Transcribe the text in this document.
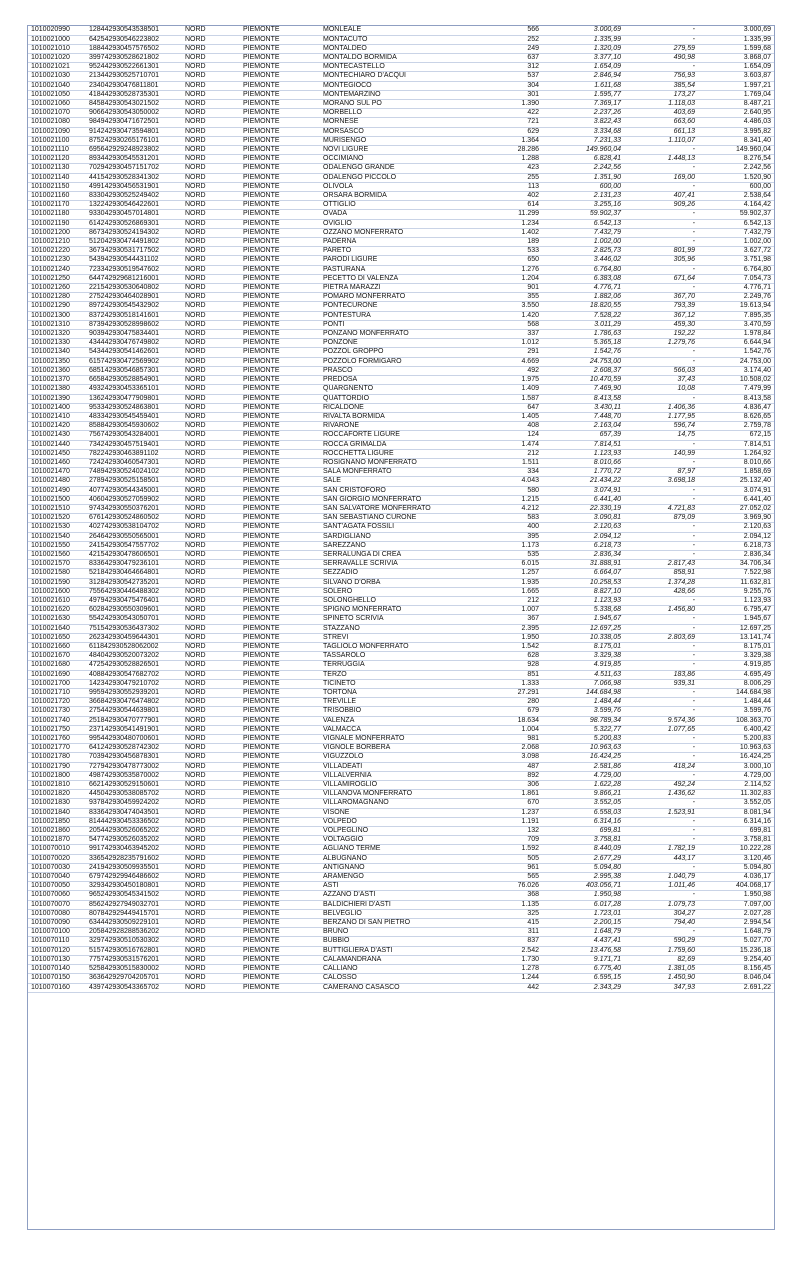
1010020990	128442930543538501	NORD	PIEMONTE	MONLEALE	566	3.000,69	-	3.000,69
1010021000	642542930546223802	NORD	PIEMONTE	MONTACUTO	252	1.335,99	-	1.335,99
1010021010	188442930457576502	NORD	PIEMONTE	MONTALDEO	249	1.320,09	279,59	1.599,68
1010021020	399742930528621802	NORD	PIEMONTE	MONTALDO BORMIDA	637	3.377,10	490,98	3.868,07
1010021021	952442930522661301	NORD	PIEMONTE	MONTECASTELLO	312	1.654,09	-	1.654,09
1010021030	213442930525710701	NORD	PIEMONTE	MONTECHIARO D'ACQUI	537	2.846,94	756,93	3.603,87
1010021040	234042930476811801	NORD	PIEMONTE	MONTEGIOCO	304	1.611,68	385,54	1.997,21
1010021050	418442930528735301	NORD	PIEMONTE	MONTEMARZINO	301	1.595,77	173,27	1.769,04
1010021060	845842930543021502	NORD	PIEMONTE	MORANO SUL PO	1.390	7.369,17	1.118,03	8.487,21
1010021070	906642930543050002	NORD	PIEMONTE	MORBELLO	422	2.237,26	403,69	2.640,95
1010021080	984942930471672501	NORD	PIEMONTE	MORNESE	721	3.822,43	663,60	4.486,03
1010021090	914242930473594801	NORD	PIEMONTE	MORSASCO	629	3.334,68	661,13	3.995,82
1010021100	875242930265176101	NORD	PIEMONTE	MURISENGO	1.364	7.231,33	1.110,07	8.341,40
1010021110	695642929248923802	NORD	PIEMONTE	NOVI LIGURE	28.286	149.960,04	-	149.960,04
1010021120	893442930545531201	NORD	PIEMONTE	OCCIMIANO	1.288	6.828,41	1.448,13	8.276,54
1010021130	702942930457151702	NORD	PIEMONTE	ODALENGO GRANDE	423	2.242,56	-	2.242,56
1010021140	441542930528341302	NORD	PIEMONTE	ODALENGO PICCOLO	255	1.351,90	169,00	1.520,90
1010021150	499142930456531901	NORD	PIEMONTE	OLIVOLA	113	600,00	-	600,00
1010021160	833042930525249402	NORD	PIEMONTE	ORSARA BORMIDA	402	2.131,23	407,41	2.538,64
1010021170	132242930546422601	NORD	PIEMONTE	OTTIGLIO	614	3.255,16	909,26	4.164,42
1010021180	933042930457014801	NORD	PIEMONTE	OVADA	11.299	59.902,37	-	59.902,37
1010021190	614242930526869301	NORD	PIEMONTE	OVIGLIO	1.234	6.542,13	-	6.542,13
1010021200	867342930524194302	NORD	PIEMONTE	OZZANO MONFERRATO	1.402	7.432,79	-	7.432,79
1010021210	512042930474491802	NORD	PIEMONTE	PADERNA	189	1.002,00	-	1.002,00
1010021220	367342930531717502	NORD	PIEMONTE	PARETO	533	2.825,73	801,99	3.627,72
1010021230	543942930544431102	NORD	PIEMONTE	PARODI LIGURE	650	3.446,02	305,96	3.751,98
1010021240	723342930519547602	NORD	PIEMONTE	PASTURANA	1.276	6.764,80	-	6.764,80
1010021250	644742929681216001	NORD	PIEMONTE	PECETTO DI VALENZA	1.204	6.383,08	671,64	7.054,73
1010021260	221542930530640802	NORD	PIEMONTE	PIETRA MARAZZI	901	4.776,71	-	4.776,71
1010021280	275242930464028901	NORD	PIEMONTE	POMARO MONFERRATO	355	1.882,06	367,70	2.249,76
1010021290	897242930545432902	NORD	PIEMONTE	PONTECURONE	3.550	18.820,55	793,39	19.613,94
1010021300	837242930518141601	NORD	PIEMONTE	PONTESTURA	1.420	7.528,22	367,12	7.895,35
1010021310	873942930528998602	NORD	PIEMONTE	PONTI	568	3.011,29	459,30	3.470,59
1010021320	903942930475834401	NORD	PIEMONTE	PONZANO MONFERRATO	337	1.786,63	192,22	1.978,84
1010021330	434442930476749802	NORD	PIEMONTE	PONZONE	1.012	5.365,18	1.279,76	6.644,94
1010021340	543442930541462601	NORD	PIEMONTE	POZZOL GROPPO	291	1.542,76	-	1.542,76
1010021350	615742930472569902	NORD	PIEMONTE	POZZOLO FORMIGARO	4.669	24.753,00	-	24.753,00
1010021360	685142930546857301	NORD	PIEMONTE	PRASCO	492	2.608,37	566,03	3.174,40
1010021370	665842930528854901	NORD	PIEMONTE	PREDOSA	1.975	10.470,59	37,43	10.508,02
1010021380	493242930453365101	NORD	PIEMONTE	QUARGNENTO	1.409	7.469,90	10,08	7.479,99
1010021390	136242930477909801	NORD	PIEMONTE	QUATTORDIO	1.587	8.413,58	-	8.413,58
1010021400	953342930524863801	NORD	PIEMONTE	RICALDONE	647	3.430,11	1.406,36	4.836,47
1010021410	483342930545459401	NORD	PIEMONTE	RIVALTA BORMIDA	1.405	7.448,70	1.177,95	8.626,65
1010021420	858842930545930602	NORD	PIEMONTE	RIVARONE	408	2.163,04	596,74	2.759,78
1010021430	756742930543284001	NORD	PIEMONTE	ROCCAFORTE LIGURE	124	657,39	14,75	672,15
1010021440	734242930457519401	NORD	PIEMONTE	ROCCA GRIMALDA	1.474	7.814,51	-	7.814,51
1010021450	782242930463891102	NORD	PIEMONTE	ROCCHETTA LIGURE	212	1.123,93	140,99	1.264,92
1010021460	724242930460547301	NORD	PIEMONTE	ROSIGNANO MONFERRATO	1.511	8.010,66	-	8.010,66
1010021470	748942930524024102	NORD	PIEMONTE	SALA MONFERRATO	334	1.770,72	87,97	1.858,69
1010021480	278942930525158501	NORD	PIEMONTE	SALE	4.043	21.434,22	3.698,18	25.132,40
1010021490	407742930544345001	NORD	PIEMONTE	SAN CRISTOFORO	580	3.074,91	-	3.074,91
1010021500	406042930527059902	NORD	PIEMONTE	SAN GIORGIO MONFERRATO	1.215	6.441,40	-	6.441,40
1010021510	974342930550376201	NORD	PIEMONTE	SAN SALVATORE MONFERRATO	4.212	22.330,19	4.721,83	27.052,02
1010021520	676142930524860502	NORD	PIEMONTE	SAN SEBASTIANO CURONE	583	3.090,81	879,09	3.969,90
1010021530	402742930538104702	NORD	PIEMONTE	SANT'AGATA FOSSILI	400	2.120,63	-	2.120,63
1010021540	264642930550565001	NORD	PIEMONTE	SARDIGLIANO	395	2.094,12	-	2.094,12
1010021550	241542930547557702	NORD	PIEMONTE	SAREZZANO	1.173	6.218,73	-	6.218,73
1010021560	421542930478606501	NORD	PIEMONTE	SERRALUNGA DI CREA	535	2.836,34	-	2.836,34
1010021570	833642930479236101	NORD	PIEMONTE	SERRAVALLE SCRIVIA	6.015	31.888,91	2.817,43	34.706,34
1010021580	521842930464664801	NORD	PIEMONTE	SEZZADIO	1.257	6.664,07	858,91	7.522,98
1010021590	312842930542735201	NORD	PIEMONTE	SILVANO D'ORBA	1.935	10.258,53	1.374,28	11.632,81
1010021600	755642930446488302	NORD	PIEMONTE	SOLERO	1.665	8.827,10	428,66	9.255,76
1010021610	497942930475476401	NORD	PIEMONTE	SOLONGHELLO	212	1.123,93	-	1.123,93
1010021620	602842930550309601	NORD	PIEMONTE	SPIGNO MONFERRATO	1.007	5.338,68	1.456,80	6.795,47
1010021630	554242930543050701	NORD	PIEMONTE	SPINETO SCRIVIA	367	1.945,67	-	1.945,67
1010021640	751542930536437302	NORD	PIEMONTE	STAZZANO	2.395	12.697,25	-	12.697,25
1010021650	262342930459644301	NORD	PIEMONTE	STREVI	1.950	10.338,05	2.803,69	13.141,74
1010021660	611842930528062002	NORD	PIEMONTE	TAGLIOLO MONFERRATO	1.542	8.175,01	-	8.175,01
1010021670	484042930520073202	NORD	PIEMONTE	TASSAROLO	628	3.329,38	-	3.329,38
1010021680	472542930528826501	NORD	PIEMONTE	TERRUGGIA	928	4.919,85	-	4.919,85
1010021690	408842930547682702	NORD	PIEMONTE	TERZO	851	4.511,63	183,86	4.695,49
1010021700	142342930479210702	NORD	PIEMONTE	TICINETO	1.333	7.066,98	939,31	8.006,29
1010021710	995942930552939201	NORD	PIEMONTE	TORTONA	27.291	144.684,98	-	144.684,98
1010021720	366842930476474802	NORD	PIEMONTE	TREVILLE	280	1.484,44	-	1.484,44
1010021730	275442930544639801	NORD	PIEMONTE	TRISOBBIO	679	3.599,76	-	3.599,76
1010021740	251842930470777901	NORD	PIEMONTE	VALENZA	18.634	98.789,34	9.574,36	108.363,70
1010021750	237142930541491901	NORD	PIEMONTE	VALMACCA	1.004	5.322,77	1.077,65	6.400,42
1010021760	995442930480700601	NORD	PIEMONTE	VIGNALE MONFERRATO	981	5.200,83	-	5.200,83
1010021770	641242930528742302	NORD	PIEMONTE	VIGNOLE BORBERA	2.068	10.963,63	-	10.963,63
1010021780	703942930456878301	NORD	PIEMONTE	VIGUZZOLO	3.098	16.424,25	-	16.424,25
1010021790	727942930478773002	NORD	PIEMONTE	VILLADEATI	487	2.581,86	418,24	3.000,10
1010021800	498742930535870002	NORD	PIEMONTE	VILLALVERNIA	892	4.729,00	-	4.729,00
1010021810	662142930529150601	NORD	PIEMONTE	VILLAMIROGLIO	306	1.622,28	492,24	2.114,52
1010021820	445042930538085702	NORD	PIEMONTE	VILLANOVA MONFERRATO	1.861	9.866,21	1.436,62	11.302,83
1010021830	937842930459924202	NORD	PIEMONTE	VILLAROMAGNANO	670	3.552,05	-	3.552,05
1010021840	833642930474043501	NORD	PIEMONTE	VISONE	1.237	6.558,03	1.523,91	8.081,94
1010021850	814442930453336502	NORD	PIEMONTE	VOLPEDO	1.191	6.314,16	-	6.314,16
1010021860	205442930526065202	NORD	PIEMONTE	VOLPEGLINO	132	699,81	-	699,81
1010021870	547742930526035202	NORD	PIEMONTE	VOLTAGGIO	709	3.758,81	-	3.758,81
1010070010	991742930463945202	NORD	PIEMONTE	AGLIANO TERME	1.592	8.440,09	1.782,19	10.222,28
1010070020	336542928235791602	NORD	PIEMONTE	ALBUGNANO	505	2.677,29	443,17	3.120,46
1010070030	241942930509935501	NORD	PIEMONTE	ANTIGNANO	961	5.094,80	-	5.094,80
1010070040	679742929946486602	NORD	PIEMONTE	ARAMENGO	565	2.995,38	1.040,79	4.036,17
1010070050	329342930450180801	NORD	PIEMONTE	ASTI	76.026	403.056,71	1.011,46	404.068,17
1010070060	965242930545341502	NORD	PIEMONTE	AZZANO D'ASTI	368	1.950,98	-	1.950,98
1010070070	856242927949032701	NORD	PIEMONTE	BALDICHIERI D'ASTI	1.135	6.017,28	1.079,73	7.097,00
1010070080	807842929449415701	NORD	PIEMONTE	BELVEGLIO	325	1.723,01	304,27	2.027,28
1010070090	634442930509229101	NORD	PIEMONTE	BERZANO DI SAN PIETRO	415	2.200,15	794,40	2.994,54
1010070100	205842928288536202	NORD	PIEMONTE	BRUNO	311	1.648,79	-	1.648,79
1010070110	329742930510530302	NORD	PIEMONTE	BUBBIO	837	4.437,41	590,29	5.027,70
1010070120	515742930516762801	NORD	PIEMONTE	BUTTIGLIERA D'ASTI	2.542	13.476,58	1.759,60	15.236,18
1010070130	775742930531576201	NORD	PIEMONTE	CALAMANDRANA	1.730	9.171,71	82,69	9.254,40
1010070140	525842930515830002	NORD	PIEMONTE	CALLIANO	1.278	6.775,40	1.381,05	8.156,45
1010070150	363642929704205701	NORD	PIEMONTE	CALOSSO	1.244	6.595,15	1.450,90	8.046,04
1010070160	439742930543365702	NORD	PIEMONTE	CAMERANO CASASCO	442	2.343,29	347,93	2.691,22
